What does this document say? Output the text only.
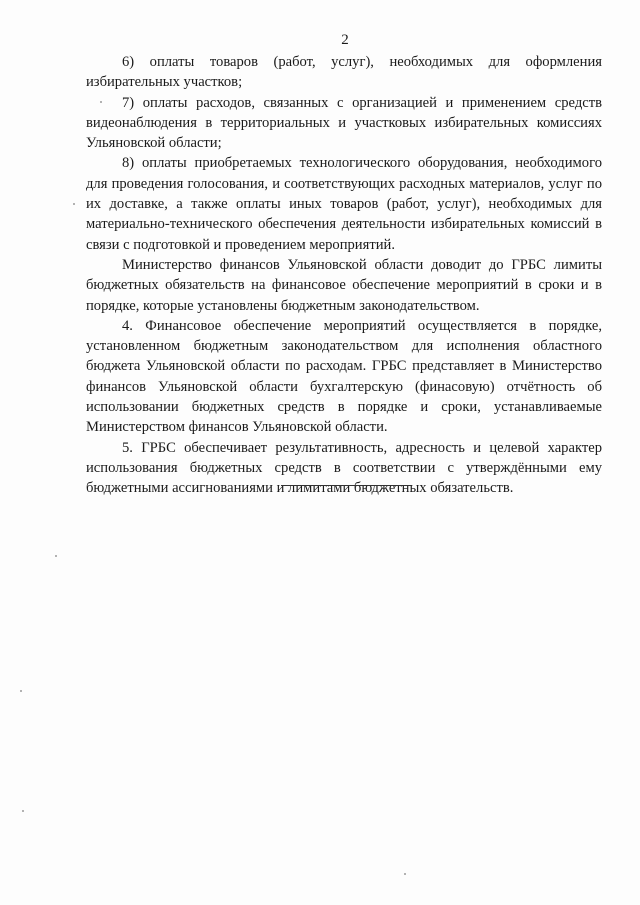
2

6) оплаты товаров (работ, услуг), необходимых для оформления избирательных участков;

7) оплаты расходов, связанных с организацией и применением средств видеонаблюдения в территориальных и участковых избирательных комиссиях Ульяновской области;

8) оплаты приобретаемых технологического оборудования, необходимого для проведения голосования, и соответствующих расходных материалов, услуг по их доставке, а также оплаты иных товаров (работ, услуг), необходимых для материально-технического обеспечения деятельности избирательных комиссий в связи с подготовкой и проведением мероприятий.

Министерство финансов Ульяновской области доводит до ГРБС лимиты бюджетных обязательств на финансовое обеспечение мероприятий в сроки и в порядке, которые установлены бюджетным законодательством.

4. Финансовое обеспечение мероприятий осуществляется в порядке, установленном бюджетным законодательством для исполнения областного бюджета Ульяновской области по расходам. ГРБС представляет в Министерство финансов Ульяновской области бухгалтерскую (финасовую) отчётность об использовании бюджетных средств в порядке и сроки, устанавливаемые Министерством финансов Ульяновской области.

5. ГРБС обеспечивает результативность, адресность и целевой характер использования бюджетных средств в соответствии с утверждёнными ему бюджетными ассигнованиями и лимитами бюджетных обязательств.
